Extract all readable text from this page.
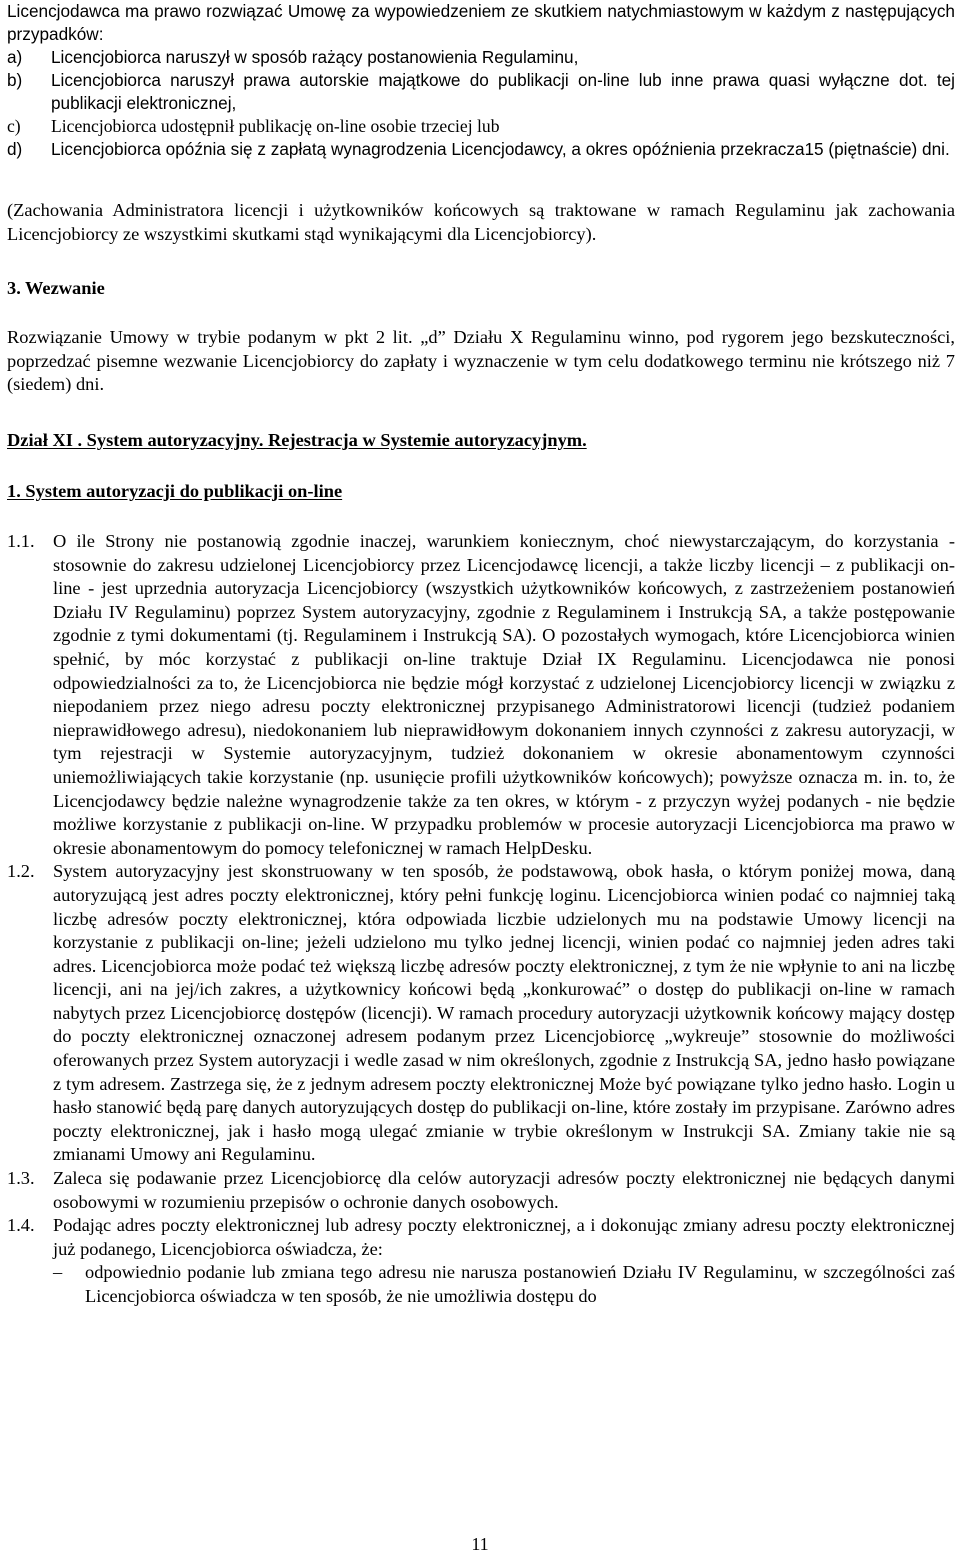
Licencjodawca ma prawo rozwiązać Umowę za wypowiedzeniem ze skutkiem natychmiastowym w każdym z następujących przypadków:
a)	Licencjobiorca naruszył w sposób rażący postanowienia Regulaminu,
b)	Licencjobiorca naruszył prawa autorskie majątkowe do publikacji on-line lub inne prawa quasi wyłączne dot. tej publikacji elektronicznej,
c)	Licencjobiorca udostępnił publikację on-line osobie trzeciej lub
d)	Licencjobiorca opóźnia się z zapłatą wynagrodzenia Licencjodawcy, a okres opóźnienia przekracza15 (piętnaście) dni.

(Zachowania Administratora licencji i użytkowników końcowych są traktowane w ramach Regulaminu jak zachowania Licencjobiorcy ze wszystkimi skutkami stąd wynikającymi dla Licencjobiorcy).

3. Wezwanie

Rozwiązanie Umowy w trybie podanym w pkt 2 lit. „d” Działu X Regulaminu winno, pod rygorem jego bezskuteczności, poprzedzać pisemne wezwanie Licencjobiorcy do zapłaty i wyznaczenie w tym celu dodatkowego terminu nie krótszego niż 7 (siedem) dni.

Dział XI . System autoryzacyjny. Rejestracja w Systemie autoryzacyjnym.

1. System autoryzacji do publikacji on-line

1.1.	O ile Strony nie postanowią zgodnie inaczej, warunkiem koniecznym, choć niewystarczającym, do korzystania - stosownie do zakresu udzielonej Licencjobiorcy przez Licencjodawcę licencji, a także liczby licencji – z publikacji on-line - jest uprzednia autoryzacja Licencjobiorcy (wszystkich użytkowników końcowych, z zastrzeżeniem postanowień Działu IV Regulaminu) poprzez System autoryzacyjny, zgodnie z Regulaminem i Instrukcją SA, a także postępowanie zgodnie z tymi dokumentami (tj. Regulaminem i Instrukcją SA). O pozostałych wymogach, które Licencjobiorca winien spełnić, by móc korzystać z publikacji on-line traktuje Dział IX Regulaminu. Licencjodawca nie ponosi odpowiedzialności za to, że Licencjobiorca nie będzie mógł korzystać z udzielonej Licencjobiorcy licencji w związku z niepodaniem przez niego adresu poczty elektronicznej przypisanego Administratorowi licencji (tudzież podaniem nieprawidłowego adresu), niedokonaniem lub nieprawidłowym dokonaniem innych czynności z zakresu autoryzacji, w tym rejestracji w Systemie autoryzacyjnym, tudzież dokonaniem w okresie abonamentowym czynności uniemożliwiających takie korzystanie (np. usunięcie profili użytkowników końcowych); powyższe oznacza m. in. to, że Licencjodawcy będzie należne wynagrodzenie także za ten okres, w którym - z przyczyn wyżej podanych - nie będzie możliwe korzystanie z publikacji on-line. W przypadku problemów w procesie autoryzacji Licencjobiorca ma prawo w okresie abonamentowym do pomocy telefonicznej w ramach HelpDesku.
1.2.	System autoryzacyjny jest skonstruowany w ten sposób, że podstawową, obok hasła, o którym poniżej mowa, daną autoryzującą jest adres poczty elektronicznej, który pełni funkcję loginu. Licencjobiorca winien podać co najmniej taką liczbę adresów poczty elektronicznej, która odpowiada liczbie udzielonych mu na podstawie Umowy licencji na korzystanie z publikacji on-line; jeżeli udzielono mu tylko jednej licencji, winien podać co najmniej jeden adres taki adres. Licencjobiorca może podać też większą liczbę adresów poczty elektronicznej, z tym że nie wpłynie to ani na liczbę licencji, ani na jej/ich zakres, a użytkownicy końcowi będą „konkurować” o dostęp do publikacji on-line w ramach nabytych przez Licencjobiorcę dostępów (licencji). W ramach procedury autoryzacji użytkownik końcowy mający dostęp do poczty elektronicznej oznaczonej adresem podanym przez Licencjobiorcę „wykreuje” stosownie do możliwości oferowanych przez System autoryzacji i wedle zasad w nim określonych, zgodnie z Instrukcją SA, jedno hasło powiązane z tym adresem. Zastrzega się, że z jednym adresem poczty elektronicznej Może być powiązane tylko jedno hasło. Login u hasło stanowić będą parę danych autoryzujących dostęp do publikacji on-line, które zostały im przypisane. Zarówno adres poczty elektronicznej, jak i hasło mogą ulegać zmianie w trybie określonym w Instrukcji SA. Zmiany takie nie są zmianami Umowy ani Regulaminu.
1.3.	Zaleca się podawanie przez Licencjobiorcę dla celów autoryzacji adresów poczty elektronicznej nie będących danymi osobowymi w rozumieniu przepisów o ochronie danych osobowych.
1.4.	Podając adres poczty elektronicznej lub adresy poczty elektronicznej, a i dokonując zmiany adresu poczty elektronicznej już podanego, Licencjobiorca oświadcza, że:
–	odpowiednio podanie lub zmiana tego adresu nie narusza postanowień Działu IV Regulaminu, w szczególności zaś Licencjobiorca oświadcza w ten sposób, że nie umożliwia dostępu do
11
